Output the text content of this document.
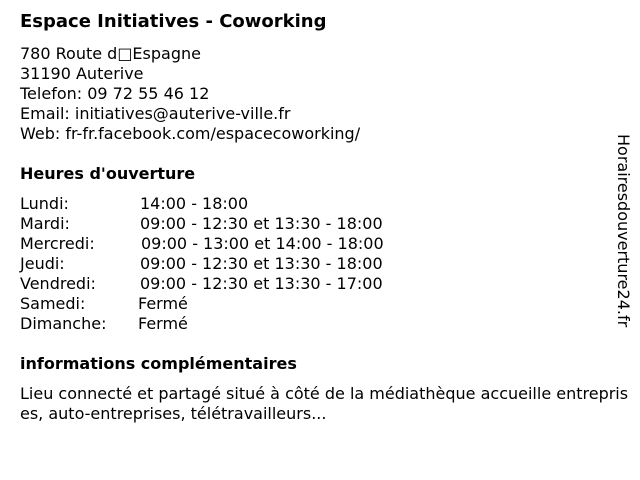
Espace Initiatives - Coworking
780 Route d□Espagne
31190 Auterive
Telefon: 09 72 55 46 12
Email: initiatives@auterive-ville.fr
Web: fr-fr.facebook.com/espacecoworking/
Heures d'ouverture
Lundi:	14:00 - 18:00
Mardi:	09:00 - 12:30 et 13:30 - 18:00
Mercredi:	09:00 - 13:00 et 14:00 - 18:00
Jeudi:	09:00 - 12:30 et 13:30 - 18:00
Vendredi:	09:00 - 12:30 et 13:30 - 17:00
Samedi:	Fermé
Dimanche: Fermé
informations complémentaires
Lieu connecté et partagé situé à côté de la médiathèque accueille entreprises, auto-entreprises, télétravailleurs...
Horairesdouverture24.fr
